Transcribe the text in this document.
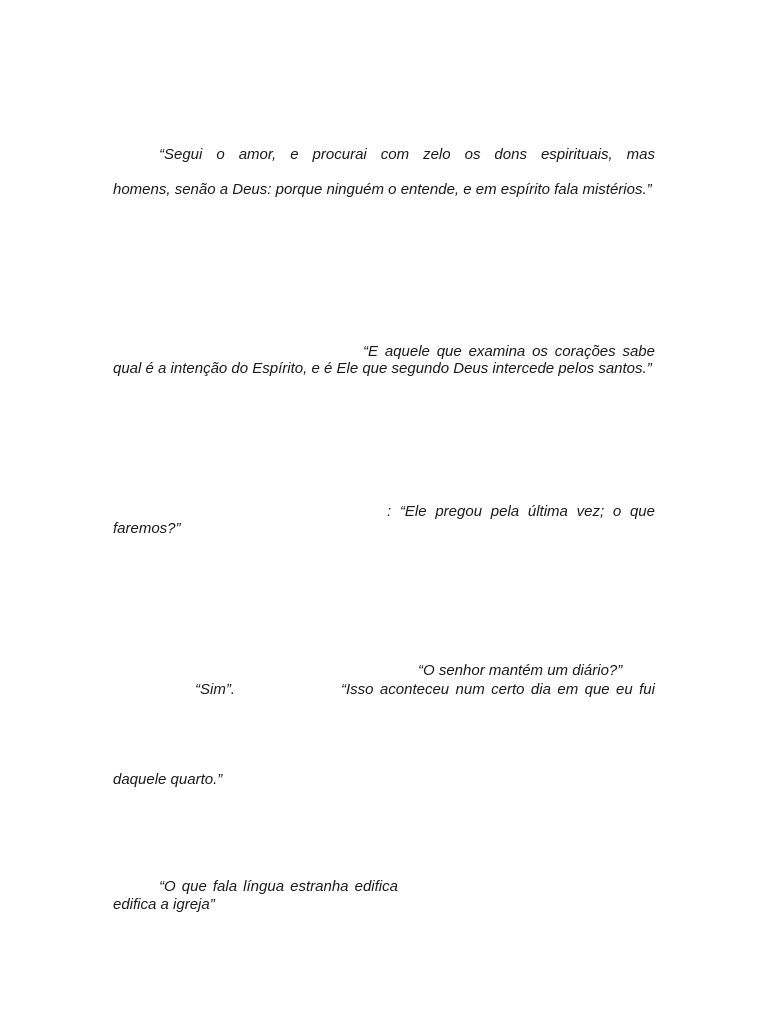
“Segui o amor, e procurai com zelo os dons espirituais, mas
homens, senão a Deus: porque ninguém o entende, e em espírito fala mistérios.”
“E aquele que examina os corações sabe
qual é a intenção do Espírito, e é Ele que segundo Deus intercede pelos santos.”
: “Ele pregou pela última vez; o que
faremos?”
“O senhor mantém um diário?”
“Sim”.	“Isso aconteceu num certo dia em que eu fui
daquele quarto.”
“O que fala língua estranha edifica
edifica a igreja”
